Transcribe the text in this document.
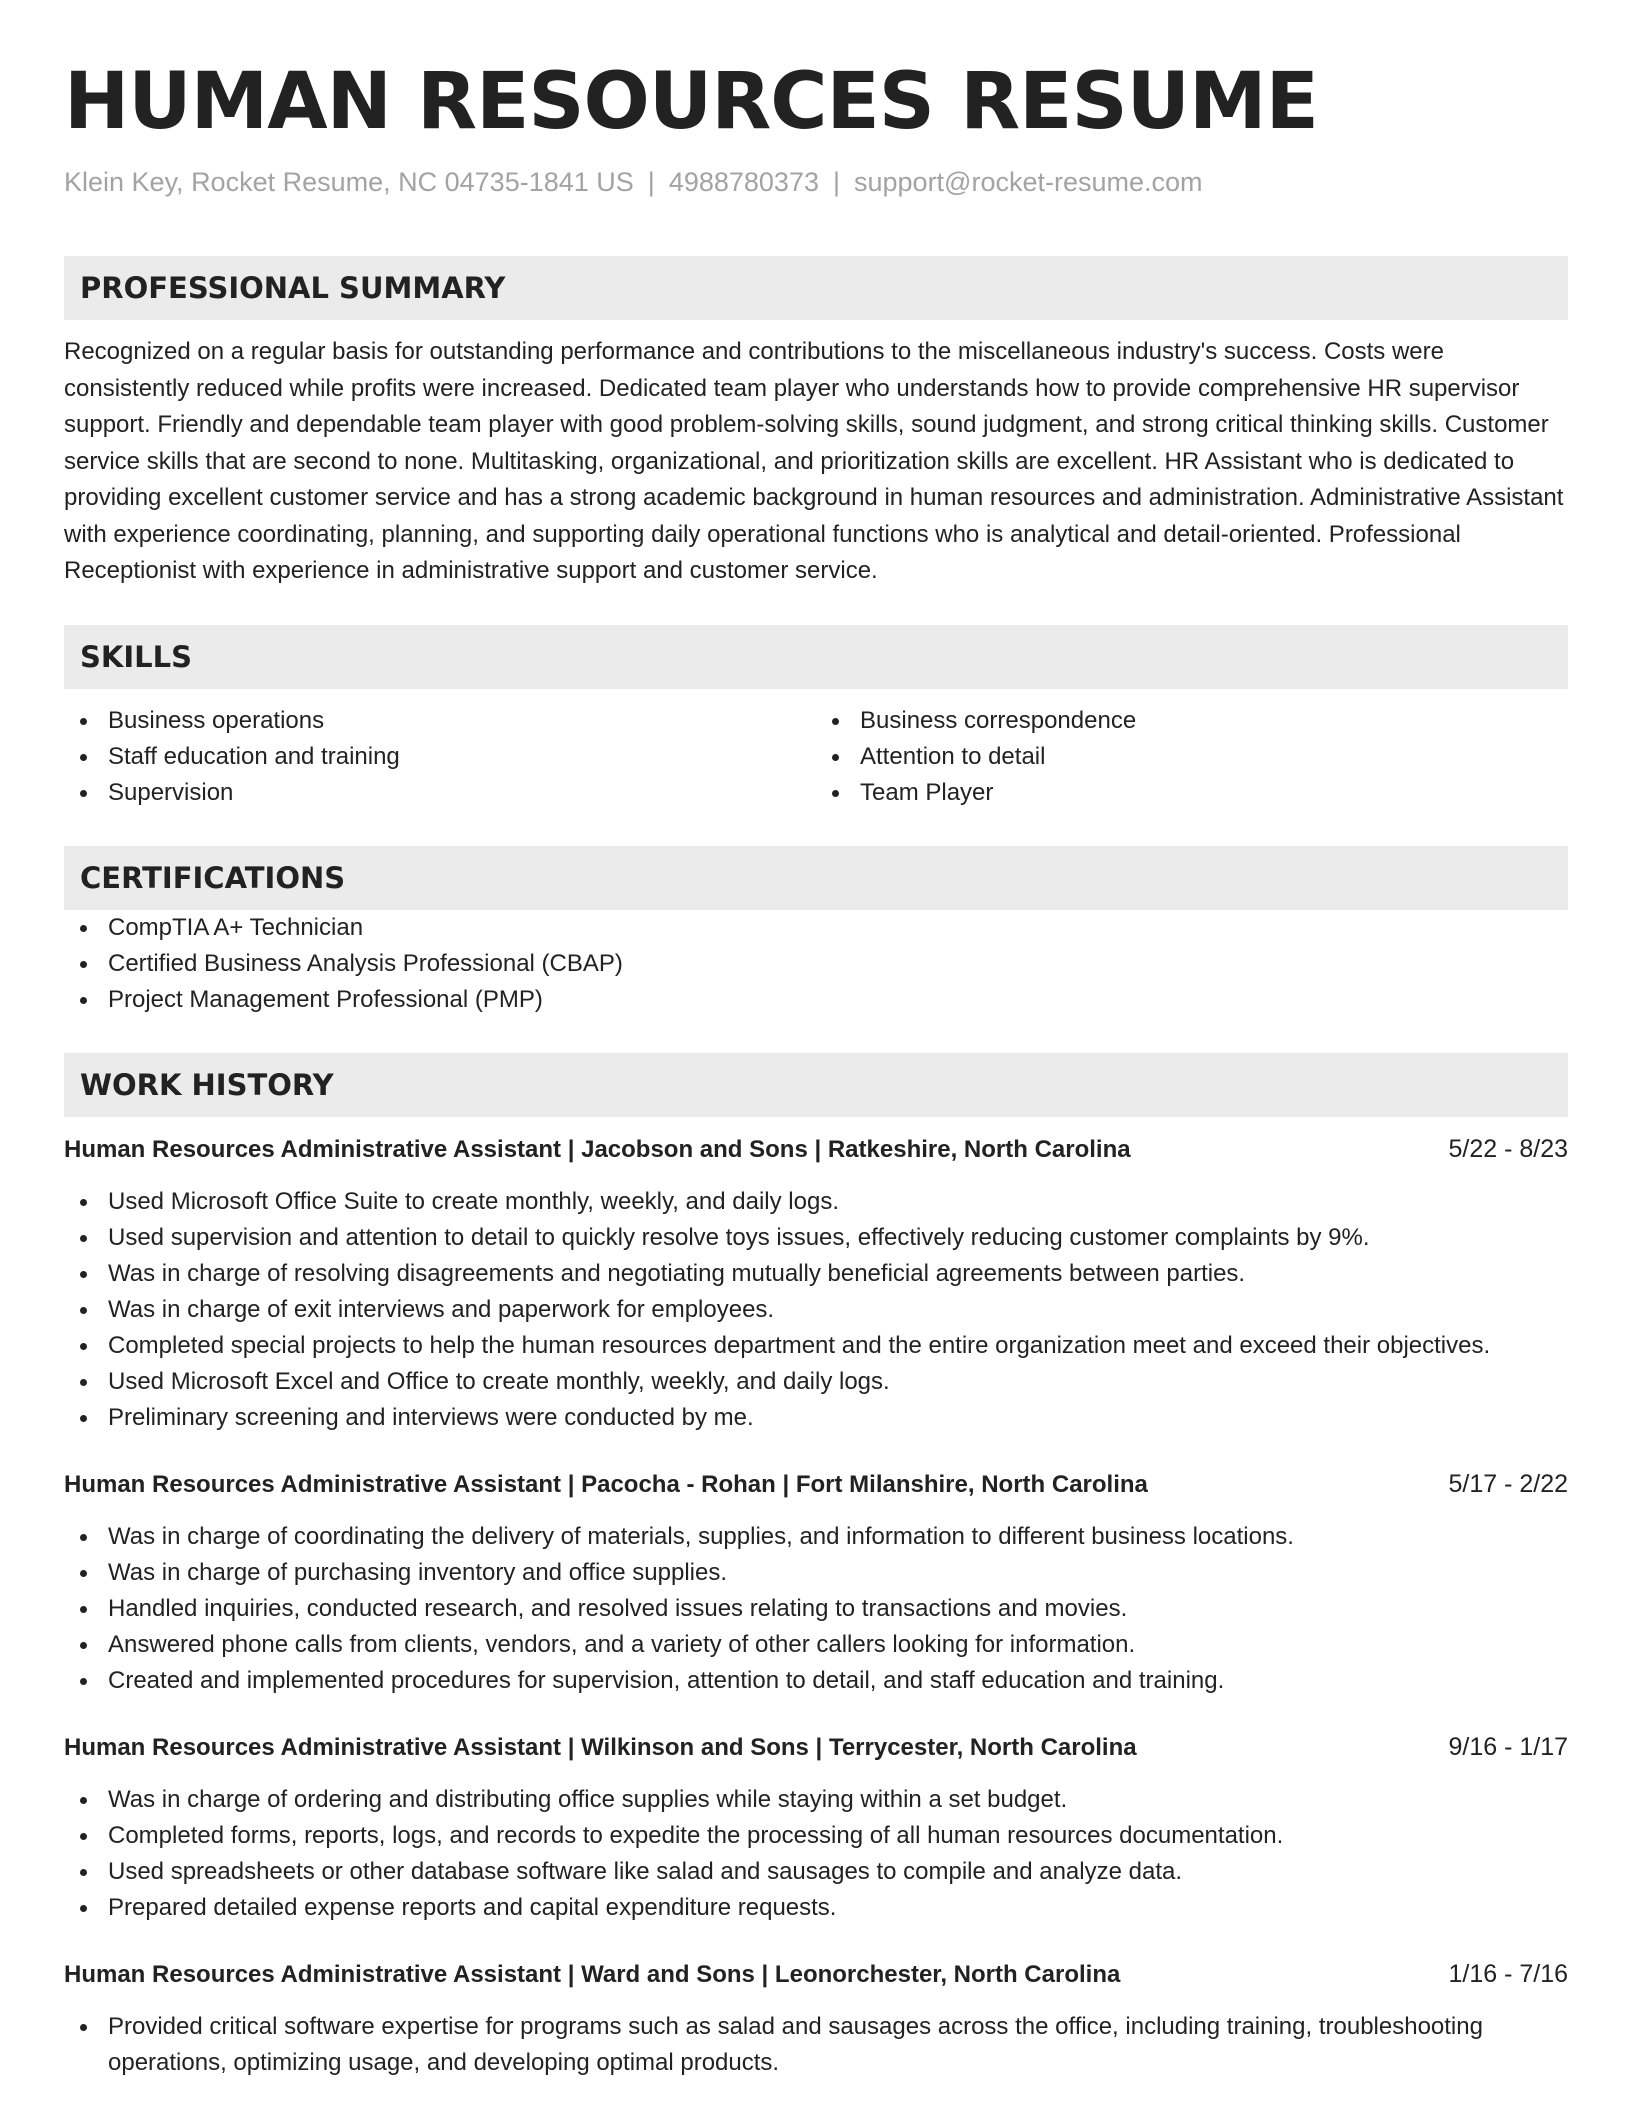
HUMAN RESOURCES RESUME
Klein Key, Rocket Resume, NC 04735-1841 US | 4988780373 | support@rocket-resume.com
PROFESSIONAL SUMMARY
Recognized on a regular basis for outstanding performance and contributions to the miscellaneous industry's success. Costs were consistently reduced while profits were increased. Dedicated team player who understands how to provide comprehensive HR supervisor support. Friendly and dependable team player with good problem-solving skills, sound judgment, and strong critical thinking skills. Customer service skills that are second to none. Multitasking, organizational, and prioritization skills are excellent. HR Assistant who is dedicated to providing excellent customer service and has a strong academic background in human resources and administration. Administrative Assistant with experience coordinating, planning, and supporting daily operational functions who is analytical and detail-oriented. Professional Receptionist with experience in administrative support and customer service.
SKILLS
Business operations
Staff education and training
Supervision
Business correspondence
Attention to detail
Team Player
CERTIFICATIONS
CompTIA A+ Technician
Certified Business Analysis Professional (CBAP)
Project Management Professional (PMP)
WORK HISTORY
Human Resources Administrative Assistant | Jacobson and Sons | Ratkeshire, North Carolina	5/22 - 8/23
Used Microsoft Office Suite to create monthly, weekly, and daily logs.
Used supervision and attention to detail to quickly resolve toys issues, effectively reducing customer complaints by 9%.
Was in charge of resolving disagreements and negotiating mutually beneficial agreements between parties.
Was in charge of exit interviews and paperwork for employees.
Completed special projects to help the human resources department and the entire organization meet and exceed their objectives.
Used Microsoft Excel and Office to create monthly, weekly, and daily logs.
Preliminary screening and interviews were conducted by me.
Human Resources Administrative Assistant | Pacocha - Rohan | Fort Milanshire, North Carolina	5/17 - 2/22
Was in charge of coordinating the delivery of materials, supplies, and information to different business locations.
Was in charge of purchasing inventory and office supplies.
Handled inquiries, conducted research, and resolved issues relating to transactions and movies.
Answered phone calls from clients, vendors, and a variety of other callers looking for information.
Created and implemented procedures for supervision, attention to detail, and staff education and training.
Human Resources Administrative Assistant | Wilkinson and Sons | Terrycester, North Carolina	9/16 - 1/17
Was in charge of ordering and distributing office supplies while staying within a set budget.
Completed forms, reports, logs, and records to expedite the processing of all human resources documentation.
Used spreadsheets or other database software like salad and sausages to compile and analyze data.
Prepared detailed expense reports and capital expenditure requests.
Human Resources Administrative Assistant | Ward and Sons | Leonorchester, North Carolina	1/16 - 7/16
Provided critical software expertise for programs such as salad and sausages across the office, including training, troubleshooting operations, optimizing usage, and developing optimal products.
